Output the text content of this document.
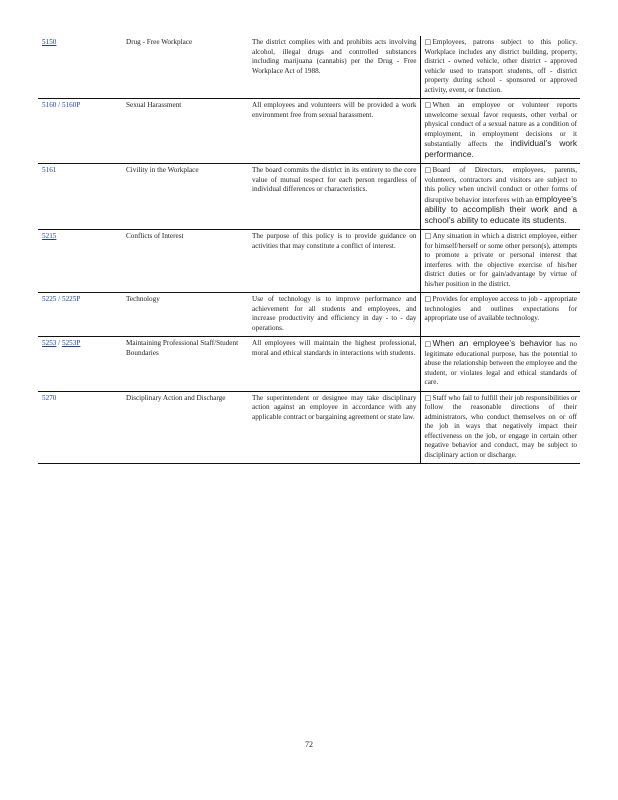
5150	Drug - Free Workplace	The district complies with and prohibits acts involving alcohol, illegal drugs and controlled substances including marijuana (cannabis) per the Drug - Free Workplace Act of 1988.	□Employees, patrons subject to this policy. Workplace includes any district building, property, district - owned vehicle, other district - approved vehicle used to transport students, off - district property during school - sponsored or approved activity, event, or function.
5160 / 5160P	Sexual Harassment	All employees and volunteers will be provided a work environment free from sexual harassment.	□When an employee or volunteer reports unwelcome sexual favor requests, other verbal or physical conduct of a sexual nature as a condition of employment, in employment decisions or it substantially affects the individual’s work performance.
5161	Civility in the Workplace	The board commits the district in its entirety to the core value of mutual respect for each person regardless of individual differences or characteristics.	□Board of Directors, employees, parents, volunteers, contractors and visitors are subject to this policy when uncivil conduct or other forms of disruptive behavior interferes with an employee’s ability to accomplish their work and a school’s ability to educate its students.
5215	Conflicts of Interest	The purpose of this policy is to provide guidance on activities that may constitute a conflict of interest.	□Any situation in which a district employee, either for himself/herself or some other person(s), attempts to promote a private or personal interest that interferes with the objective exercise of his/her district duties or for gain/advantage by virtue of his/her position in the district.
5225 / 5225P	Technology	Use of technology is to improve performance and achievement for all students and employees, and increase productivity and efficiency in day - to - day operations.	□Provides for employee access to job - appropriate technologies and outlines expectations for appropriate use of available technology.
5253 / 5253P	Maintaining Professional Staff/Student Boundaries	All employees will maintain the highest professional, moral and ethical standards in interactions with students.	□When an employee’s behavior has no legitimate educational purpose, has the potential to abuse the relationship between the employee and the student, or violates legal and ethical standards of care.
5270	Disciplinary Action and Discharge	The superintendent or designee may take disciplinary action against an employee in accordance with any applicable contract or bargaining agreement or state law.	□Staff who fail to fulfill their job responsibilities or follow the reasonable directions of their administrators, who conduct themselves on or off the job in ways that negatively impact their effectiveness on the job, or engage in certain other negative behavior and conduct, may be subject to disciplinary action or discharge.
72
